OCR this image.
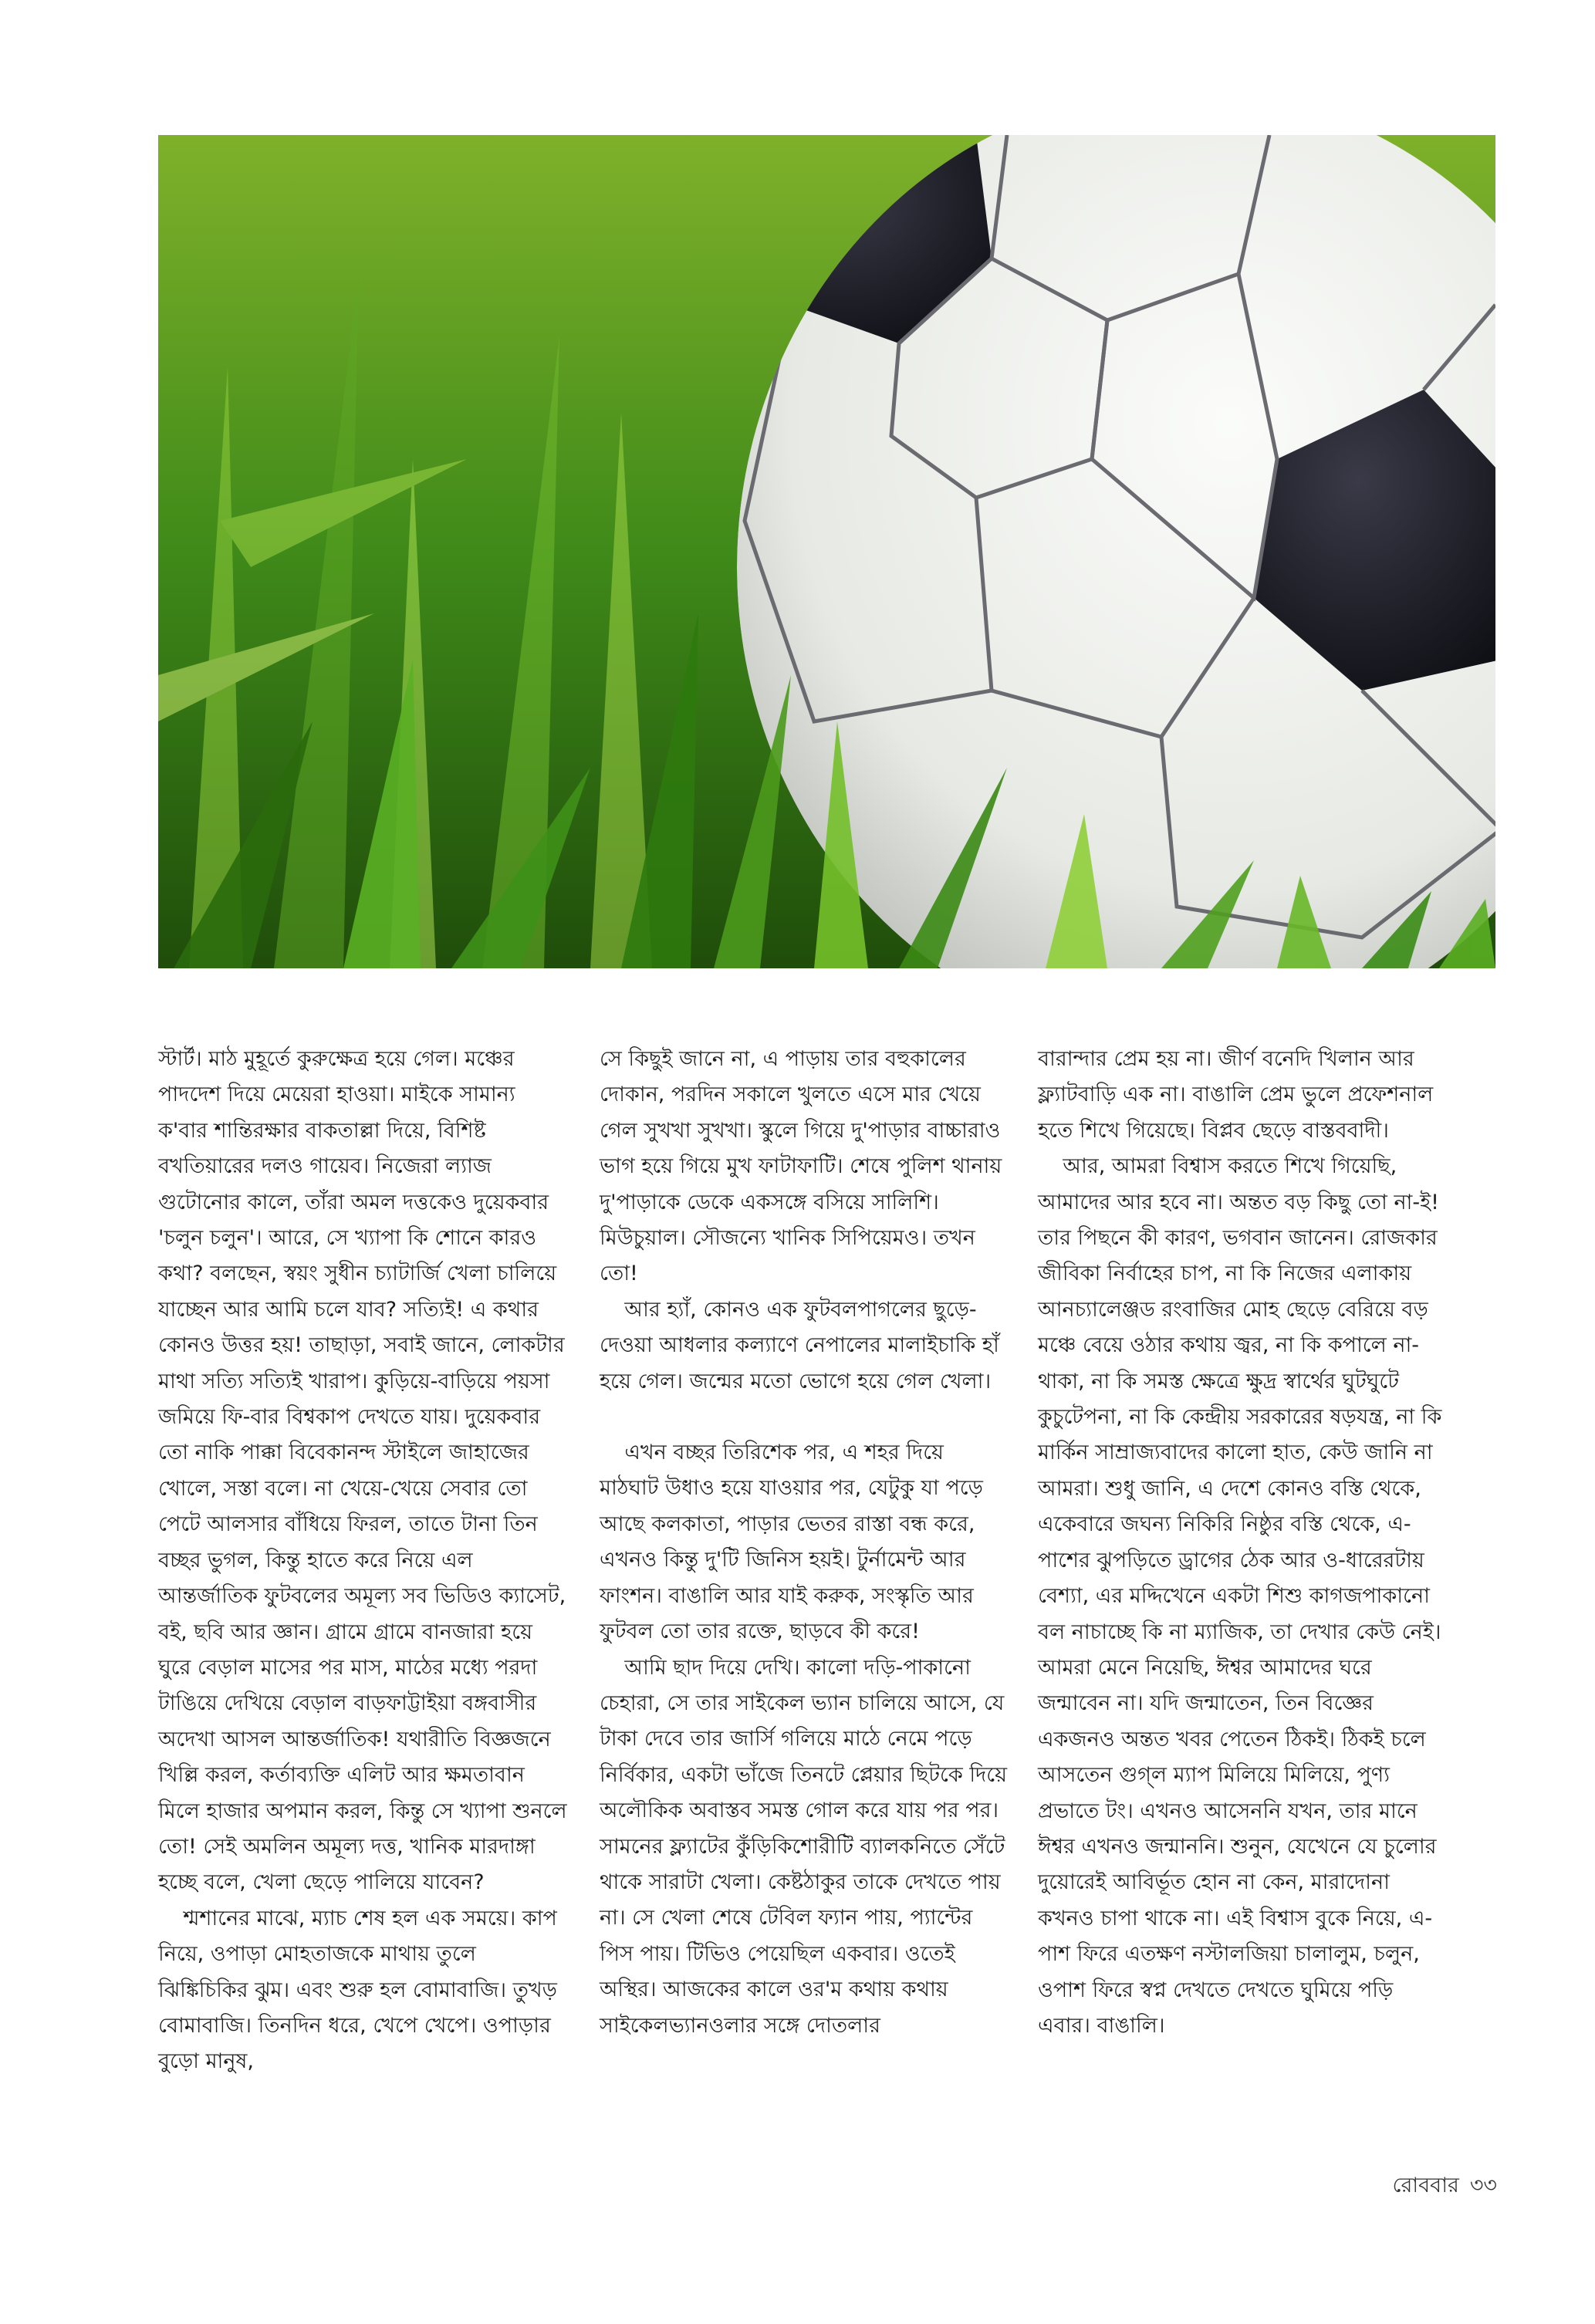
স্টার্ট। মাঠ মুহূর্তে কুরুক্ষেত্র হয়ে গেল। মঞ্চের পাদদেশ দিয়ে মেয়েরা হাওয়া। মাইকে সামান্য ক'বার শান্তিরক্ষার বাকতাল্লা দিয়ে, বিশিষ্ট বখতিয়ারের দলও গায়েব। নিজেরা ল্যাজ গুটোনোর কালে, তাঁরা অমল দত্তকেও দুয়েকবার 'চলুন চলুন'। আরে, সে খ্যাপা কি শোনে কারও কথা? বলছেন, স্বয়ং সুধীন চ্যাটার্জি খেলা চালিয়ে যাচ্ছেন আর আমি চলে যাব? সত্যিই! এ কথার কোনও উত্তর হয়! তাছাড়া, সবাই জানে, লোকটার মাথা সত্যি সত্যিই খারাপ। কুড়িয়ে-বাড়িয়ে পয়সা জমিয়ে ফি-বার বিশ্বকাপ দেখতে যায়। দুয়েকবার তো নাকি পাক্কা বিবেকানন্দ স্টাইলে জাহাজের খোলে, সস্তা বলে। না খেয়ে-খেয়ে সেবার তো পেটে আলসার বাঁধিয়ে ফিরল, তাতে টানা তিন বচ্ছর ভুগল, কিন্তু হাতে করে নিয়ে এল আন্তর্জাতিক ফুটবলের অমূল্য সব ভিডিও ক্যাসেট, বই, ছবি আর জ্ঞান। গ্রামে গ্রামে বানজারা হয়ে ঘুরে বেড়াল মাসের পর মাস, মাঠের মধ্যে পরদা টাঙিয়ে দেখিয়ে বেড়াল বাড়ফাট্টাইয়া বঙ্গবাসীর অদেখা আসল আন্তর্জাতিক! যথারীতি বিজ্ঞজনে খিল্লি করল, কর্তাব্যক্তি এলিট আর ক্ষমতাবান মিলে হাজার অপমান করল, কিন্তু সে খ্যাপা শুনলে তো! সেই অমলিন অমূল্য দত্ত, খানিক মারদাঙ্গা হচ্ছে বলে, খেলা ছেড়ে পালিয়ে যাবেন?

শ্মশানের মাঝে, ম্যাচ শেষ হল এক সময়ে। কাপ নিয়ে, ওপাড়া মোহতাজকে মাথায় তুলে ঝিঙ্কিচিকির ঝুম। এবং শুরু হল বোমাবাজি। তুখড় বোমাবাজি। তিনদিন ধরে, খেপে খেপে। ওপাড়ার বুড়ো মানুষ,

সে কিছুই জানে না, এ পাড়ায় তার বহুকালের দোকান, পরদিন সকালে খুলতে এসে মার খেয়ে গেল সুখখা সুখখা। স্কুলে গিয়ে দু'পাড়ার বাচ্চারাও ভাগ হয়ে গিয়ে মুখ ফাটাফাটি। শেষে পুলিশ থানায় দু'পাড়াকে ডেকে একসঙ্গে বসিয়ে সালিশি। মিউচুয়াল। সৌজন্যে খানিক সিপিয়েমও। তখন তো!

আর হ্যাঁ, কোনও এক ফুটবলপাগলের ছুড়ে-দেওয়া আধলার কল্যাণে নেপালের মালাইচাকি হাঁ হয়ে গেল। জন্মের মতো ভোগে হয়ে গেল খেলা।

এখন বচ্ছর তিরিশেক পর, এ শহর দিয়ে মাঠঘাট উধাও হয়ে যাওয়ার পর, যেটুকু যা পড়ে আছে কলকাতা, পাড়ার ভেতর রাস্তা বন্ধ করে, এখনও কিন্তু দু'টি জিনিস হয়ই। টুর্নামেন্ট আর ফাংশন। বাঙালি আর যাই করুক, সংস্কৃতি আর ফুটবল তো তার রক্তে, ছাড়বে কী করে!

আমি ছাদ দিয়ে দেখি। কালো দড়ি-পাকানো চেহারা, সে তার সাইকেল ভ্যান চালিয়ে আসে, যে টাকা দেবে তার জার্সি গলিয়ে মাঠে নেমে পড়ে নির্বিকার, একটা ভাঁজে তিনটে প্লেয়ার ছিটকে দিয়ে অলৌকিক অবাস্তব সমস্ত গোল করে যায় পর পর। সামনের ফ্ল্যাটের কুঁড়িকিশোরীটি ব্যালকনিতে সেঁটে থাকে সারাটা খেলা। কেষ্টঠাকুর তাকে দেখতে পায় না। সে খেলা শেষে টেবিল ফ্যান পায়, প্যান্টের পিস পায়। টিভিও পেয়েছিল একবার। ওতেই অস্থির। আজকের কালে ওর'ম কথায় কথায় সাইকেলভ্যানওলার সঙ্গে দোতলার

বারান্দার প্রেম হয় না। জীর্ণ বনেদি খিলান আর ফ্ল্যাটবাড়ি এক না। বাঙালি প্রেম ভুলে প্রফেশনাল হতে শিখে গিয়েছে। বিপ্লব ছেড়ে বাস্তববাদী।

আর, আমরা বিশ্বাস করতে শিখে গিয়েছি, আমাদের আর হবে না। অন্তত বড় কিছু তো না-ই! তার পিছনে কী কারণ, ভগবান জানেন। রোজকার জীবিকা নির্বাহের চাপ, না কি নিজের এলাকায় আনচ্যালেঞ্জড রংবাজির মোহ ছেড়ে বেরিয়ে বড় মঞ্চে বেয়ে ওঠার কথায় জ্বর, না কি কপালে না-থাকা, না কি সমস্ত ক্ষেত্রে ক্ষুদ্র স্বার্থের ঘুটঘুটে কুচুটেপনা, না কি কেন্দ্রীয় সরকারের ষড়যন্ত্র, না কি মার্কিন সাম্রাজ্যবাদের কালো হাত, কেউ জানি না আমরা। শুধু জানি, এ দেশে কোনও বস্তি থেকে, একেবারে জঘন্য নিকিরি নিষ্ঠুর বস্তি থেকে, এ-পাশের ঝুপড়িতে ড্রাগের ঠেক আর ও-ধারেরটায় বেশ্যা, এর মদ্দিখেনে একটা শিশু কাগজপাকানো বল নাচাচ্ছে কি না ম্যাজিক, তা দেখার কেউ নেই। আমরা মেনে নিয়েছি, ঈশ্বর আমাদের ঘরে জন্মাবেন না। যদি জন্মাতেন, তিন বিজ্ঞের একজনও অন্তত খবর পেতেন ঠিকই। ঠিকই চলে আসতেন গুগ্‌ল ম্যাপ মিলিয়ে মিলিয়ে, পুণ্য প্রভাতে টং। এখনও আসেননি যখন, তার মানে ঈশ্বর এখনও জন্মাননি। শুনুন, যেখেনে যে চুলোর দুয়োরেই আবির্ভূত হোন না কেন, মারাদোনা কখনও চাপা থাকে না। এই বিশ্বাস বুকে নিয়ে, এ-পাশ ফিরে এতক্ষণ নস্টালজিয়া চালালুম, চলুন, ওপাশ ফিরে স্বপ্ন দেখতে দেখতে ঘুমিয়ে পড়ি এবার। বাঙালি।

রোববার ৩৩
